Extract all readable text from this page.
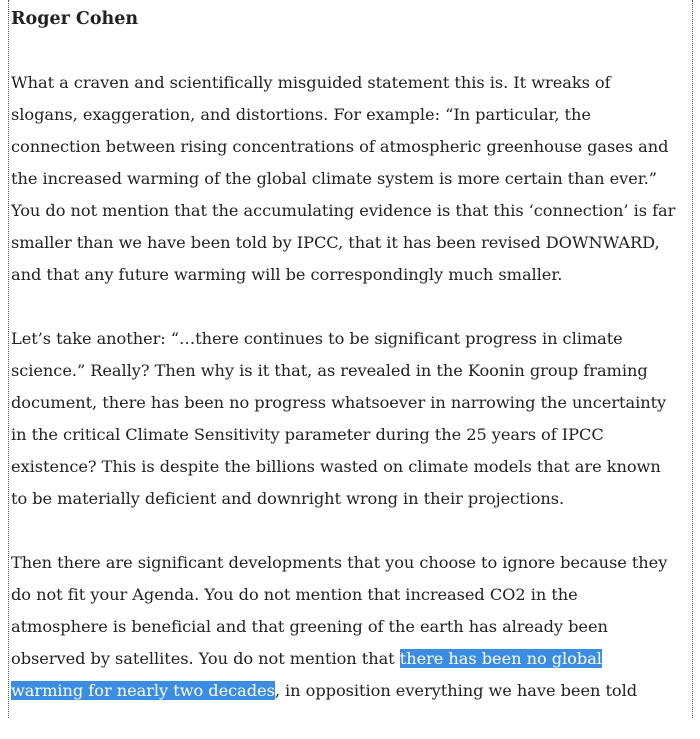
Roger Cohen
What a craven and scientifically misguided statement this is. It wreaks of
slogans, exaggeration, and distortions. For example: “In particular, the
connection between rising concentrations of atmospheric greenhouse gases and
the increased warming of the global climate system is more certain than ever.”
You do not mention that the accumulating evidence is that this ‘connection’ is far
smaller than we have been told by IPCC, that it has been revised DOWNWARD,
and that any future warming will be correspondingly much smaller.
Let’s take another: “…there continues to be significant progress in climate
science.” Really? Then why is it that, as revealed in the Koonin group framing
document, there has been no progress whatsoever in narrowing the uncertainty
in the critical Climate Sensitivity parameter during the 25 years of IPCC
existence? This is despite the billions wasted on climate models that are known
to be materially deficient and downright wrong in their projections.
Then there are significant developments that you choose to ignore because they
do not fit your Agenda. You do not mention that increased CO2 in the
atmosphere is beneficial and that greening of the earth has already been
observed by satellites. You do not mention that there has been no global
warming for nearly two decades, in opposition everything we have been told
